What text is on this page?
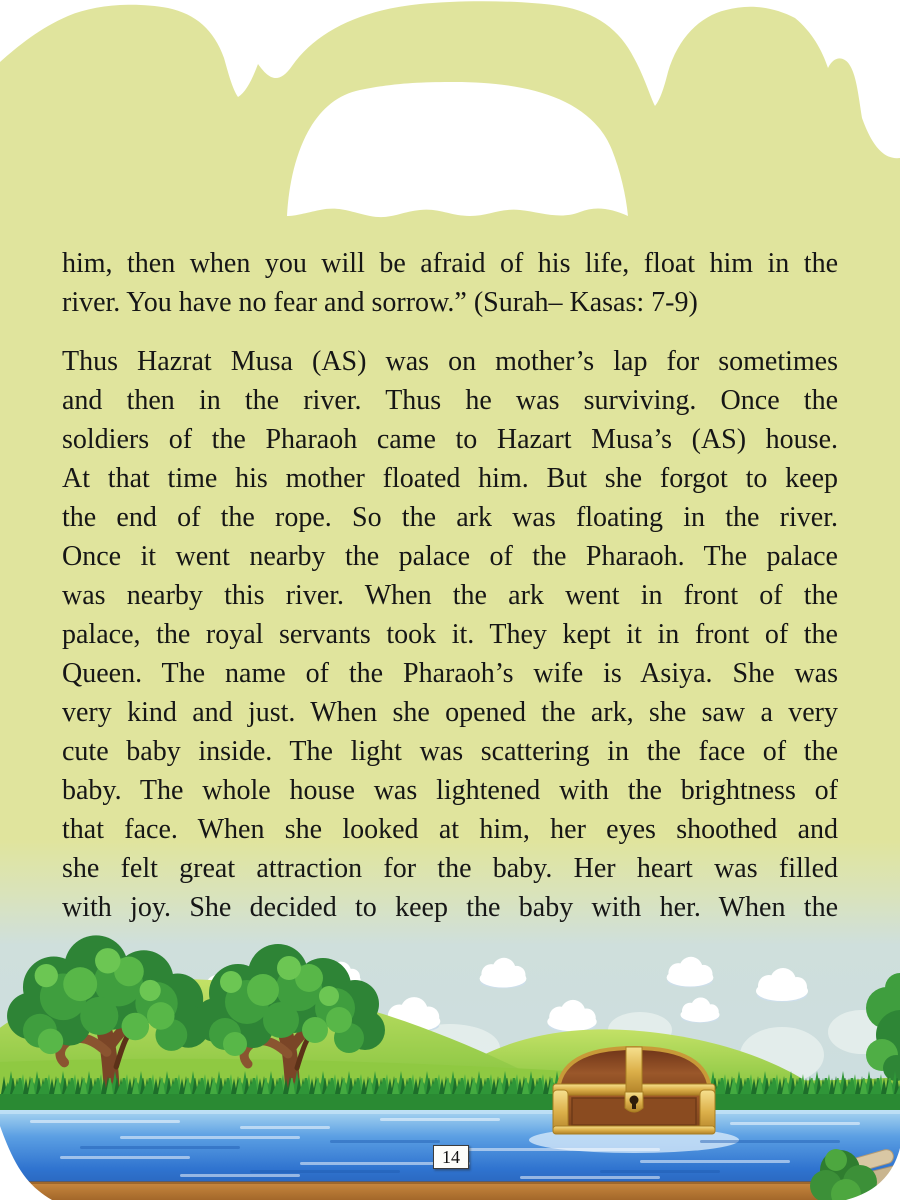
him, then when you will be afraid of his life, float him in the
river. You have no fear and sorrow.” (Surah– Kasas: 7-9)
Thus Hazrat Musa (AS) was on mother’s lap for sometimes
and then in the river. Thus he was surviving. Once the
soldiers of the Pharaoh came to Hazart Musa’s (AS) house.
At that time his mother floated him. But she forgot to keep
the end of the rope. So the ark was floating in the river.
Once it went nearby the palace of the Pharaoh. The palace
was nearby this river. When the ark went in front of the
palace, the royal servants took it. They kept it in front of the
Queen. The name of the Pharaoh’s wife is Asiya. She was
very kind and just. When she opened the ark, she saw a very
cute baby inside. The light was scattering in the face of the
baby. The whole house was lightened with the brightness of
that face. When she looked at him, her eyes shoothed and
she felt great attraction for the baby. Her heart was filled
with joy. She decided to keep the baby with her. When the
14
